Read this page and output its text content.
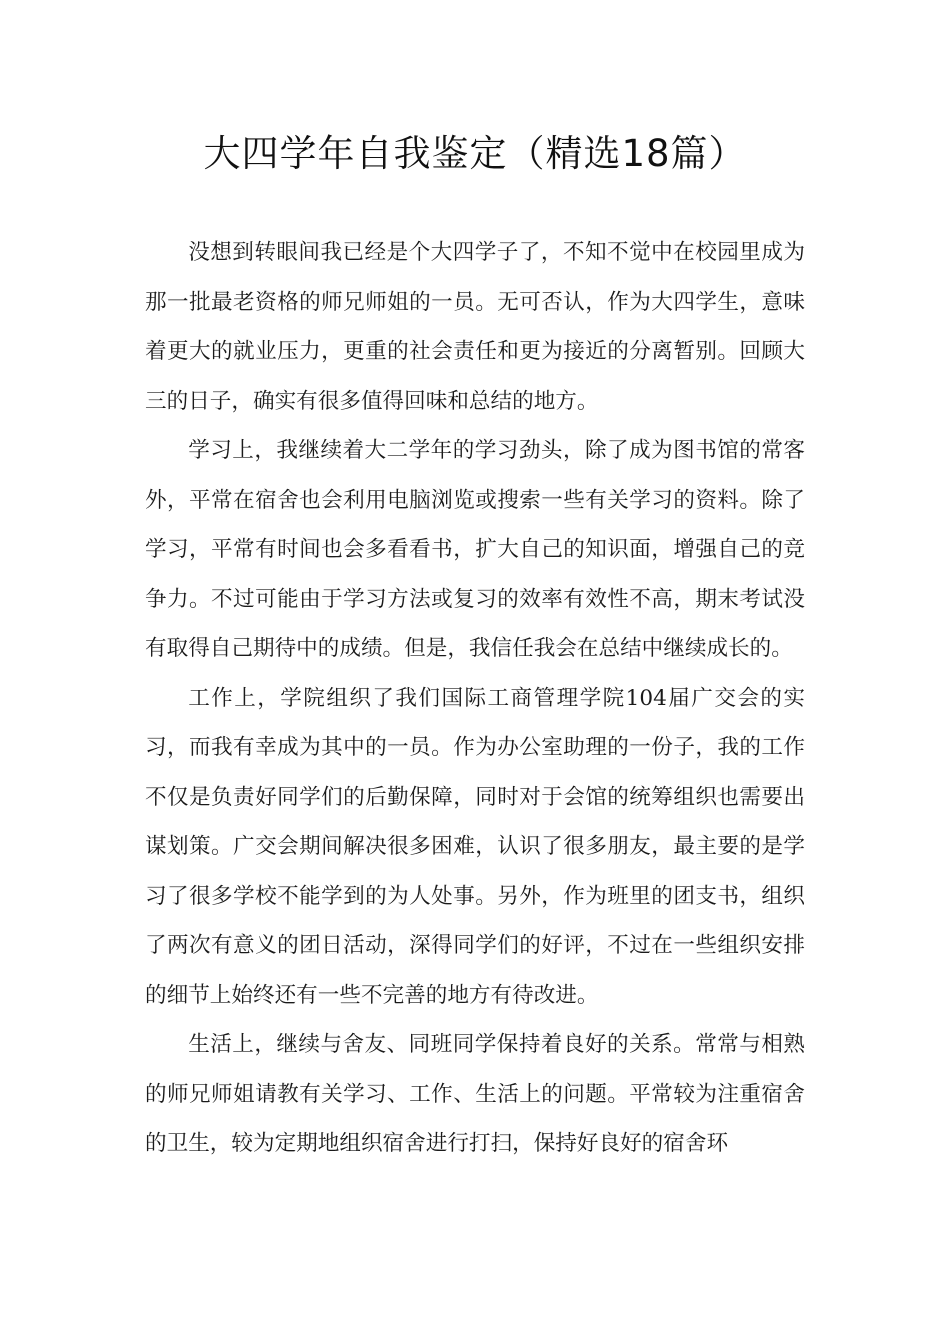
大四学年自我鉴定（精选18篇）

没想到转眼间我已经是个大四学子了，不知不觉中在校园里成为那一批最老资格的师兄师姐的一员。无可否认，作为大四学生，意味着更大的就业压力，更重的社会责任和更为接近的分离暂别。回顾大三的日子，确实有很多值得回味和总结的地方。

学习上，我继续着大二学年的学习劲头，除了成为图书馆的常客外，平常在宿舍也会利用电脑浏览或搜索一些有关学习的资料。除了学习，平常有时间也会多看看书，扩大自己的知识面，增强自己的竞争力。不过可能由于学习方法或复习的效率有效性不高，期末考试没有取得自己期待中的成绩。但是，我信任我会在总结中继续成长的。

工作上，学院组织了我们国际工商管理学院104届广交会的实习，而我有幸成为其中的一员。作为办公室助理的一份子，我的工作不仅是负责好同学们的后勤保障，同时对于会馆的统筹组织也需要出谋划策。广交会期间解决很多困难，认识了很多朋友，最主要的是学习了很多学校不能学到的为人处事。另外，作为班里的团支书，组织了两次有意义的团日活动，深得同学们的好评，不过在一些组织安排的细节上始终还有一些不完善的地方有待改进。

生活上，继续与舍友、同班同学保持着良好的关系。常常与相熟的师兄师姐请教有关学习、工作、生活上的问题。平常较为注重宿舍的卫生，较为定期地组织宿舍进行打扫，保持好良好的宿舍环
